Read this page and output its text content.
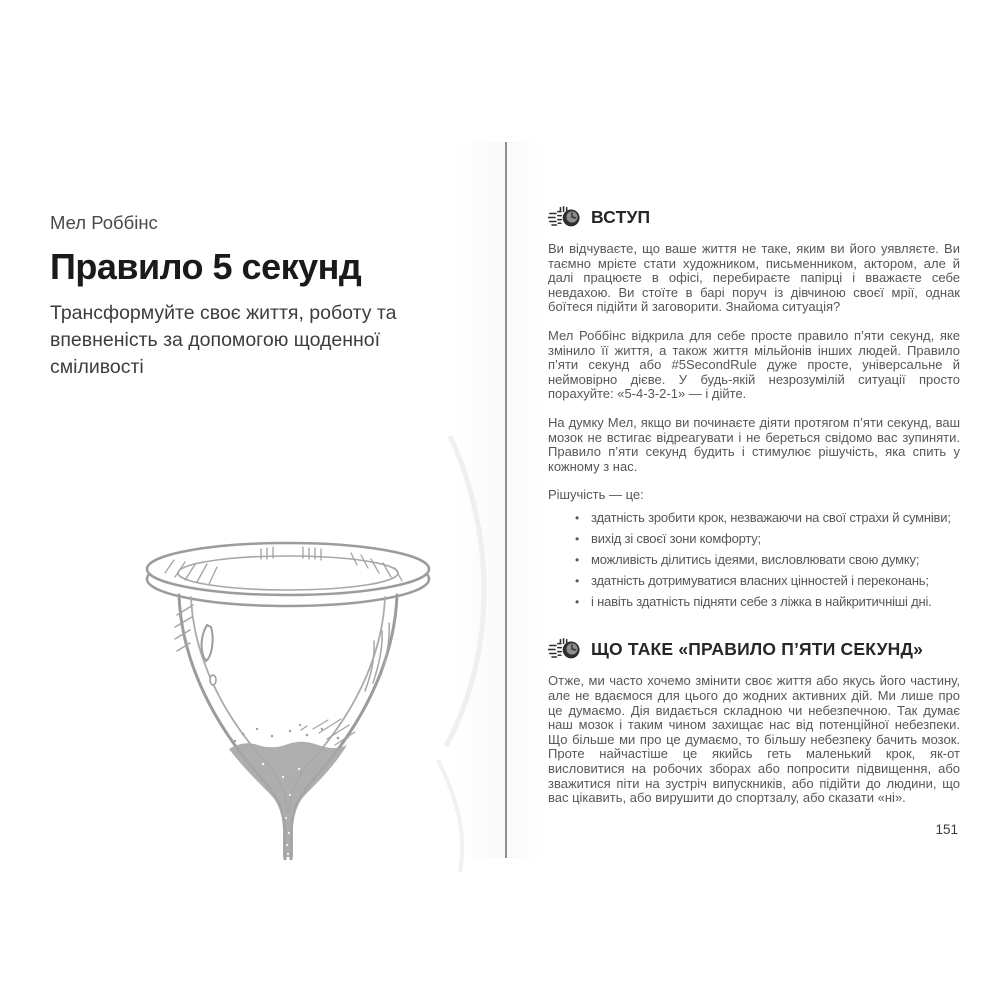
Мел Роббінс
Правило 5 секунд
Трансформуйте своє життя, роботу та впевненість за допомогою щоденної сміливості
ВСТУП

Ви відчуваєте, що ваше життя не таке, яким ви його уявляєте. Ви таємно мрієте стати художником, письменником, актором, але й далі працюєте в офісі, перебираєте папірці і вважаєте себе невдахою. Ви стоїте в барі поруч із дівчиною своєї мрії, однак боїтеся підійти й заговорити. Знайома ситуація?

Мел Роббінс відкрила для себе просте правило п’яти секунд, яке змінило її життя, а також життя мільйонів інших людей. Правило п’яти секунд або #5SecondRule дуже просте, універсальне й неймовірно дієве. У будь-якій незрозумілій ситуації просто порахуйте: «5-4-3-2-1» — і дійте.

На думку Мел, якщо ви починаєте діяти протягом п’яти секунд, ваш мозок не встигає відреагувати і не береться свідомо вас зупиняти. Правило п’яти секунд будить і стимулює рішучість, яка спить у кожному з нас.

Рішучість — це:

• здатність зробити крок, незважаючи на свої страхи й сумніви;
• вихід зі своєї зони комфорту;
• можливість ділитись ідеями, висловлювати свою думку;
• здатність дотримуватися власних цінностей і переконань;
• і навіть здатність підняти себе з ліжка в найкритичніші дні.
ЩО ТАКЕ «ПРАВИЛО П’ЯТИ СЕКУНД»

Отже, ми часто хочемо змінити своє життя або якусь його частину, але не вдаємося для цього до жодних активних дій. Ми лише про це думаємо. Дія видається складною чи небезпечною. Так думає наш мозок і таким чином захищає нас від потенційної небезпеки. Що більше ми про це думаємо, то більшу небезпеку бачить мозок. Проте найчастіше це якийсь геть маленький крок, як-от висловитися на робочих зборах або попросити підвищення, або зважитися піти на зустріч випускників, або підійти до людини, що вас цікавить, або вирушити до спортзалу, або сказати «ні».

151
